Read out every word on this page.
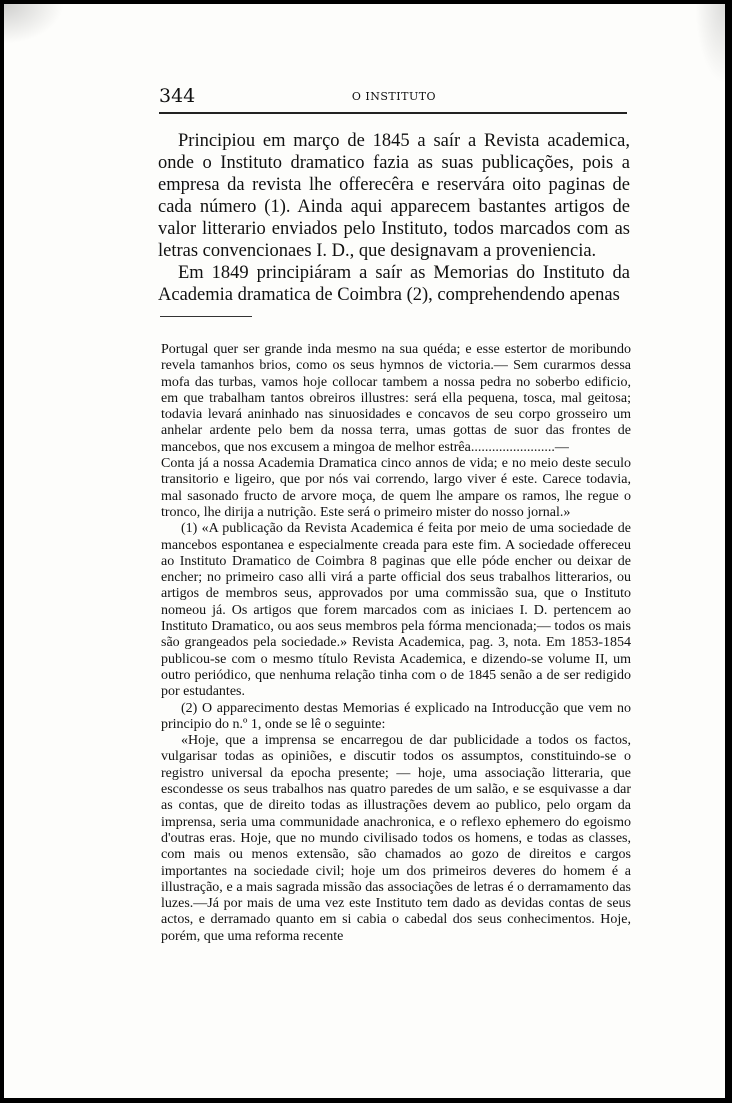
344	O INSTITUTO

Principiou em março de 1845 a saír a Revista academica, onde o Instituto dramatico fazia as suas publicações, pois a empresa da revista lhe offerecêra e reservára oito paginas de cada número (1). Ainda aqui apparecem bastantes artigos de valor litterario enviados pelo Instituto, todos marcados com as letras convencionaes I. D., que designavam a proveniencia.

Em 1849 principiáram a saír as Memorias do Instituto da Academia dramatica de Coimbra (2), comprehendendo apenas

Portugal quer ser grande inda mesmo na sua quéda; e esse estertor de moribundo revela tamanhos brios, como os seus hymnos de victoria.— Sem curarmos dessa mofa das turbas, vamos hoje collocar tambem a nossa pedra no soberbo edificio, em que trabalham tantos obreiros illustres: será ella pequena, tosca, mal geitosa; todavia levará aninhado nas sinuosidades e concavos de seu corpo grosseiro um anhelar ardente pelo bem da nossa terra, umas gottas de suor das frontes de mancebos, que nos excusem a mingoa de melhor estrêa........................—

Conta já a nossa Academia Dramatica cinco annos de vida; e no meio deste seculo transitorio e ligeiro, que por nós vai correndo, largo viver é este. Carece todavia, mal sasonado fructo de arvore moça, de quem lhe ampare os ramos, lhe regue o tronco, lhe dirija a nutrição. Este será o primeiro mister do nosso jornal.»

(1) «A publicação da Revista Academica é feita por meio de uma sociedade de mancebos espontanea e especialmente creada para este fim. A sociedade offereceu ao Instituto Dramatico de Coimbra 8 paginas que elle póde encher ou deixar de encher; no primeiro caso alli virá a parte official dos seus trabalhos litterarios, ou artigos de membros seus, approvados por uma commissão sua, que o Instituto nomeou já. Os artigos que forem marcados com as iniciaes I. D. pertencem ao Instituto Dramatico, ou aos seus membros pela fórma mencionada;— todos os mais são grangeados pela sociedade.» Revista Academica, pag. 3, nota. Em 1853-1854 publicou-se com o mesmo título Revista Academica, e dizendo-se volume II, um outro periódico, que nenhuma relação tinha com o de 1845 senão a de ser redigido por estudantes.

(2) O apparecimento destas Memorias é explicado na Introducção que vem no principio do n.º 1, onde se lê o seguinte:

«Hoje, que a imprensa se encarregou de dar publicidade a todos os factos, vulgarisar todas as opiniões, e discutir todos os assumptos, constituindo-se o registro universal da epocha presente; — hoje, uma associação litteraria, que escondesse os seus trabalhos nas quatro paredes de um salão, e se esquivasse a dar as contas, que de direito todas as illustrações devem ao publico, pelo orgam da imprensa, seria uma communidade anachronica, e o reflexo ephemero do egoismo d'outras eras. Hoje, que no mundo civilisado todos os homens, e todas as classes, com mais ou menos extensão, são chamados ao gozo de direitos e cargos importantes na sociedade civil; hoje um dos primeiros deveres do homem é a illustração, e a mais sagrada missão das associações de letras é o derramamento das luzes.—Já por mais de uma vez este Instituto tem dado as devidas contas de seus actos, e derramado quanto em si cabia o cabedal dos seus conhecimentos. Hoje, porém, que uma reforma recente
